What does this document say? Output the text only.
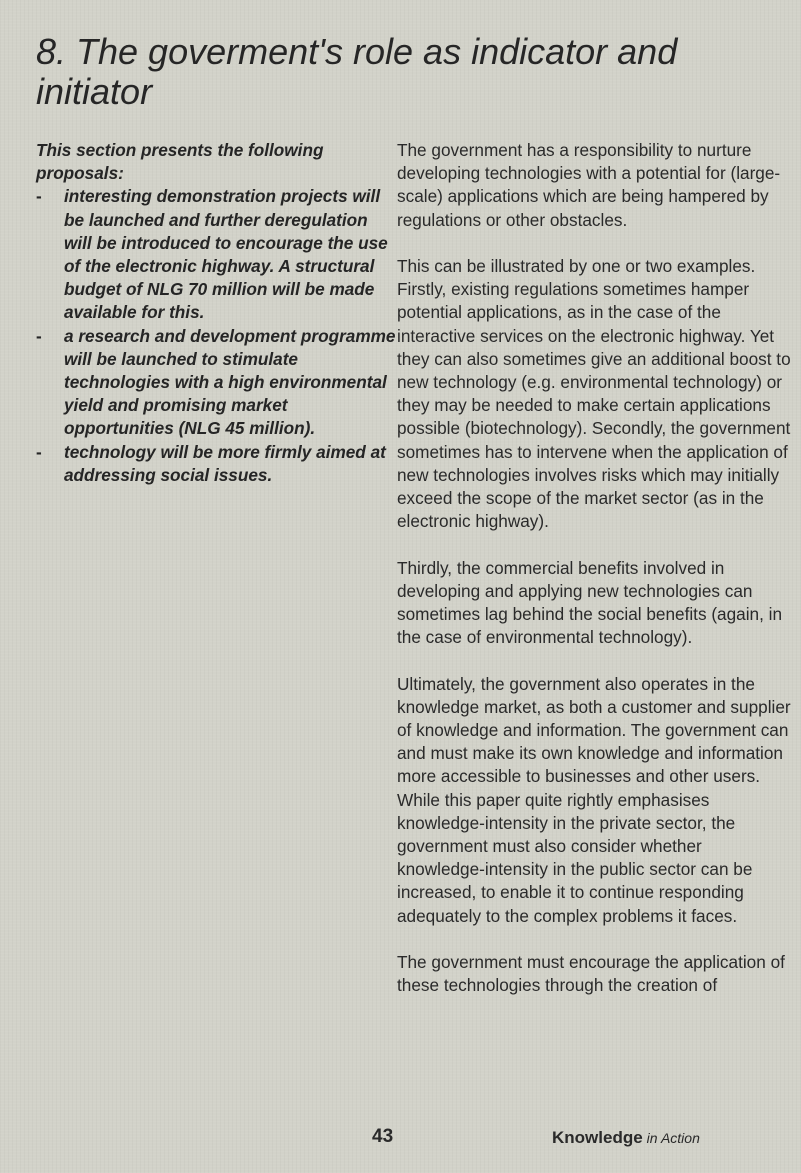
8. The goverment's role as indicator and initiator

This section presents the following proposals:

- interesting demonstration projects will be launched and further deregulation will be introduced to encourage the use of the electronic highway. A structural budget of NLG 70 million will be made available for this.
- a research and development programme will be launched to stimulate technologies with a high environmental yield and promising market opportunities (NLG 45 million).
- technology will be more firmly aimed at addressing social issues.

The government has a responsibility to nurture developing technologies with a potential for (large-scale) applications which are being hampered by regulations or other obstacles.

This can be illustrated by one or two examples. Firstly, existing regulations sometimes hamper potential applications, as in the case of the interactive services on the electronic highway. Yet they can also sometimes give an additional boost to new technology (e.g. environmental technology) or they may be needed to make certain applications possible (biotechnology). Secondly, the government sometimes has to intervene when the application of new technologies involves risks which may initially exceed the scope of the market sector (as in the electronic highway).

Thirdly, the commercial benefits involved in developing and applying new technologies can sometimes lag behind the social benefits (again, in the case of environmental technology).

Ultimately, the government also operates in the knowledge market, as both a customer and supplier of knowledge and information. The government can and must make its own knowledge and information more accessible to businesses and other users. While this paper quite rightly emphasises knowledge-intensity in the private sector, the government must also consider whether knowledge-intensity in the public sector can be increased, to enable it to continue responding adequately to the complex problems it faces.

The government must encourage the application of these technologies through the creation of

43	Knowledge in Action
